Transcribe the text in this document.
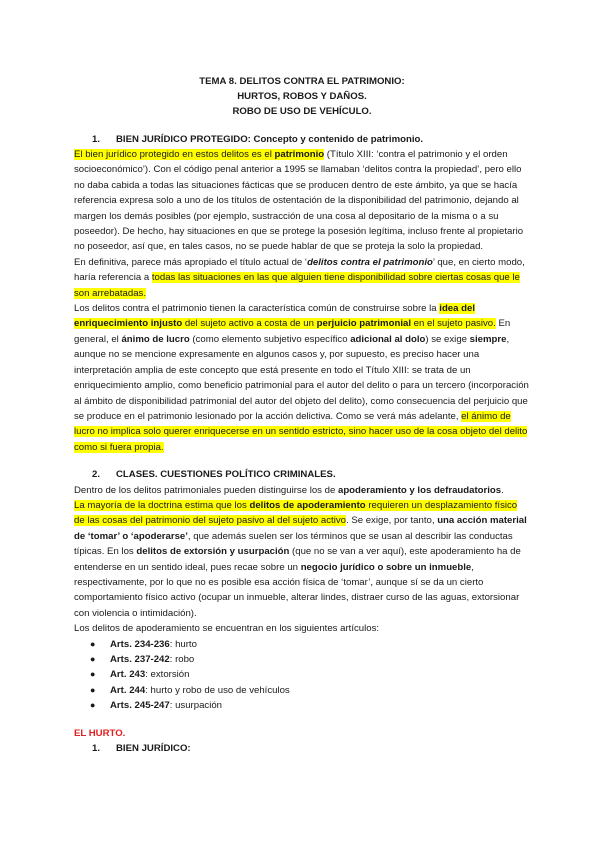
TEMA 8. DELITOS CONTRA EL PATRIMONIO:
HURTOS, ROBOS Y DAÑOS.
ROBO DE USO DE VEHÍCULO.
1. BIEN JURÍDICO PROTEGIDO: Concepto y contenido de patrimonio.

El bien jurídico protegido en estos delitos es el patrimonio (Título XIII: ‘contra el patrimonio y el orden socioeconómico’). Con el código penal anterior a 1995 se llamaban ‘delitos contra la propiedad’, pero ello no daba cabida a todas las situaciones fácticas que se producen dentro de este ámbito, ya que se hacía referencia expresa solo a uno de los títulos de ostentación de la disponibilidad del patrimonio, dejando al margen los demás posibles (por ejemplo, sustracción de una cosa al depositario de la misma o a su poseedor). De hecho, hay situaciones en que se protege la posesión legítima, incluso frente al propietario no poseedor, así que, en tales casos, no se puede hablar de que se proteja la solo la propiedad.

En definitiva, parece más apropiado el título actual de ‘delitos contra el patrimonio’ que, en cierto modo, haría referencia a todas las situaciones en las que alguien tiene disponibilidad sobre ciertas cosas que le son arrebatadas.

Los delitos contra el patrimonio tienen la característica común de construirse sobre la idea del enriquecimiento injusto del sujeto activo a costa de un perjuicio patrimonial en el sujeto pasivo. En general, el ánimo de lucro (como elemento subjetivo específico adicional al dolo) se exige siempre, aunque no se mencione expresamente en algunos casos y, por supuesto, es preciso hacer una interpretación amplia de este concepto que está presente en todo el Título XIII: se trata de un enriquecimiento amplio, como beneficio patrimonial para el autor del delito o para un tercero (incorporación al ámbito de disponibilidad patrimonial del autor del objeto del delito), como consecuencia del perjuicio que se produce en el patrimonio lesionado por la acción delictiva. Como se verá más adelante, el ánimo de lucro no implica solo querer enriquecerse en un sentido estricto, sino hacer uso de la cosa objeto del delito como si fuera propia.

2. CLASES. CUESTIONES POLÍTICO CRIMINALES.

Dentro de los delitos patrimoniales pueden distinguirse los de apoderamiento y los defraudatorios.

La mayoría de la doctrina estima que los delitos de apoderamiento requieren un desplazamiento físico de las cosas del patrimonio del sujeto pasivo al del sujeto activo. Se exige, por tanto, una acción material de ‘tomar’ o ‘apoderarse’, que además suelen ser los términos que se usan al describir las conductas típicas. En los delitos de extorsión y usurpación (que no se van a ver aquí), este apoderamiento ha de entenderse en un sentido ideal, pues recae sobre un negocio jurídico o sobre un inmueble, respectivamente, por lo que no es posible esa acción física de ‘tomar’, aunque sí se da un cierto comportamiento físico activo (ocupar un inmueble, alterar lindes, distraer curso de las aguas, extorsionar con violencia o intimidación).

Los delitos de apoderamiento se encuentran en los siguientes artículos:

● Arts. 234-236: hurto
● Arts. 237-242: robo
● Art. 243: extorsión
● Art. 244: hurto y robo de uso de vehículos
● Arts. 245-247: usurpación
EL HURTO.
1. BIEN JURÍDICO:
